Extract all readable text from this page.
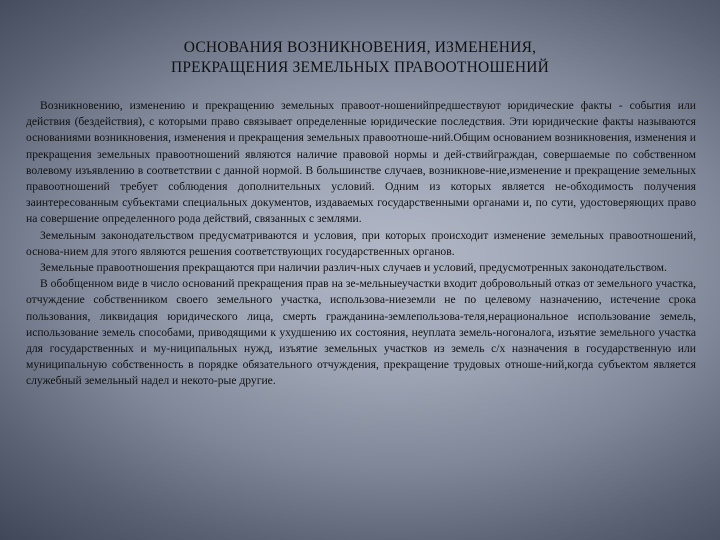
ОСНОВАНИЯ ВОЗНИКНОВЕНИЯ, ИЗМЕНЕНИЯ,
ПРЕКРАЩЕНИЯ ЗЕМЕЛЬНЫХ ПРАВООТНОШЕНИЙ

Возникновению, изменению и прекращению земельных правоот-ношенийпредшествуют юридические факты - события или действия (бездействия), с которыми право связывает определенные юридические последствия. Эти юридические факты называются основаниями возникновения, изменения и прекращения земельных правоотноше-ний.Общим основанием возникновения, изменения и прекращения земельных правоотношений являются наличие правовой нормы и дей-ствийграждан, совершаемые по собственном волевому изъявлению в соответствии с данной нормой. В большинстве случаев, возникнове-ние,изменение и прекращение земельных правоотношений требует соблюдения дополнительных условий. Одним из которых является не-обходимость получения заинтересованным субъектами специальных документов, издаваемых государственными органами и, по сути, удостоверяющих право на совершение определенного рода действий, связанных с землями.

Земельным законодательством предусматриваются и условия, при которых происходит изменение земельных правоотношений, основа-нием для этого являются решения соответствующих государственных органов.

Земельные правоотношения прекращаются при наличии различ-ных случаев и условий, предусмотренных законодательством.

В обобщенном виде в число оснований прекращения прав на зе-мельныеучастки входит добровольный отказ от земельного участка, отчуждение собственником своего земельного участка, использова-ниеземли не по целевому назначению, истечение срока пользования, ликвидация юридического лица, смерть гражданина-землепользова-теля,нерациональное использование земель, использование земель способами, приводящими к ухудшению их состояния, неуплата земель-ногоналога, изъятие земельного участка для государственных и му-ниципальных нужд, изъятие земельных участков из земель с/х назначения в государственную или муниципальную собственность в порядке обязательного отчуждения, прекращение трудовых отноше-ний,когда субъектом является служебный земельный надел и некото-рые другие.
